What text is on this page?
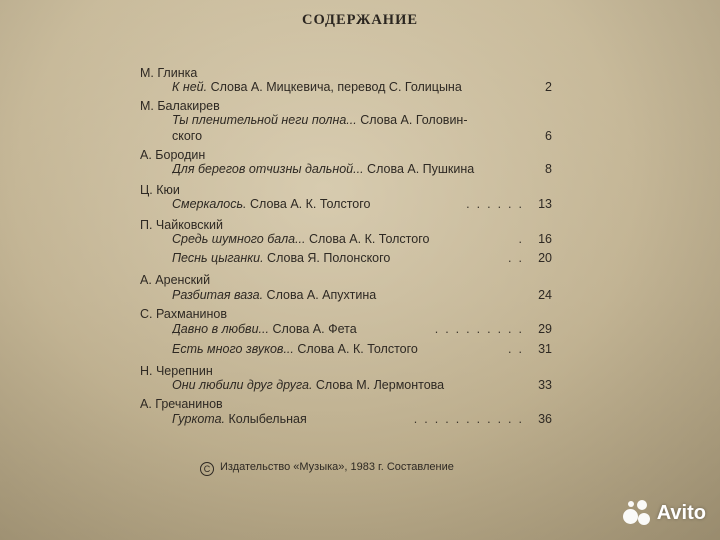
СОДЕРЖАНИЕ
М. Глинка
К ней. Слова А. Мицкевича, перевод С. Голицына	2
М. Балакирев
Ты пленительной неги полна... Слова А. Головин-
ского	6
А. Бородин
Для берегов отчизны дальной... Слова А. Пушкина	8
Ц. Кюи
Смеркалось. Слова А. К. Толстого	...... 13
П. Чайковский
Средь шумного бала... Слова А. К. Толстого	. 16
Песнь цыганки. Слова Я. Полонского	.. 20
А. Аренский
Разбитая ваза. Слова А. Апухтина	24
С. Рахманинов
Давно в любви... Слова А. Фета	......... 29
Есть много звуков... Слова А. К. Толстого	.. 31
Н. Черепнин
Они любили друг друга. Слова М. Лермонтова	33
А. Гречанинов
Гуркота. Колыбельная	........... 36
С Издательство «Музыка», 1983 г. Составление
Avito
